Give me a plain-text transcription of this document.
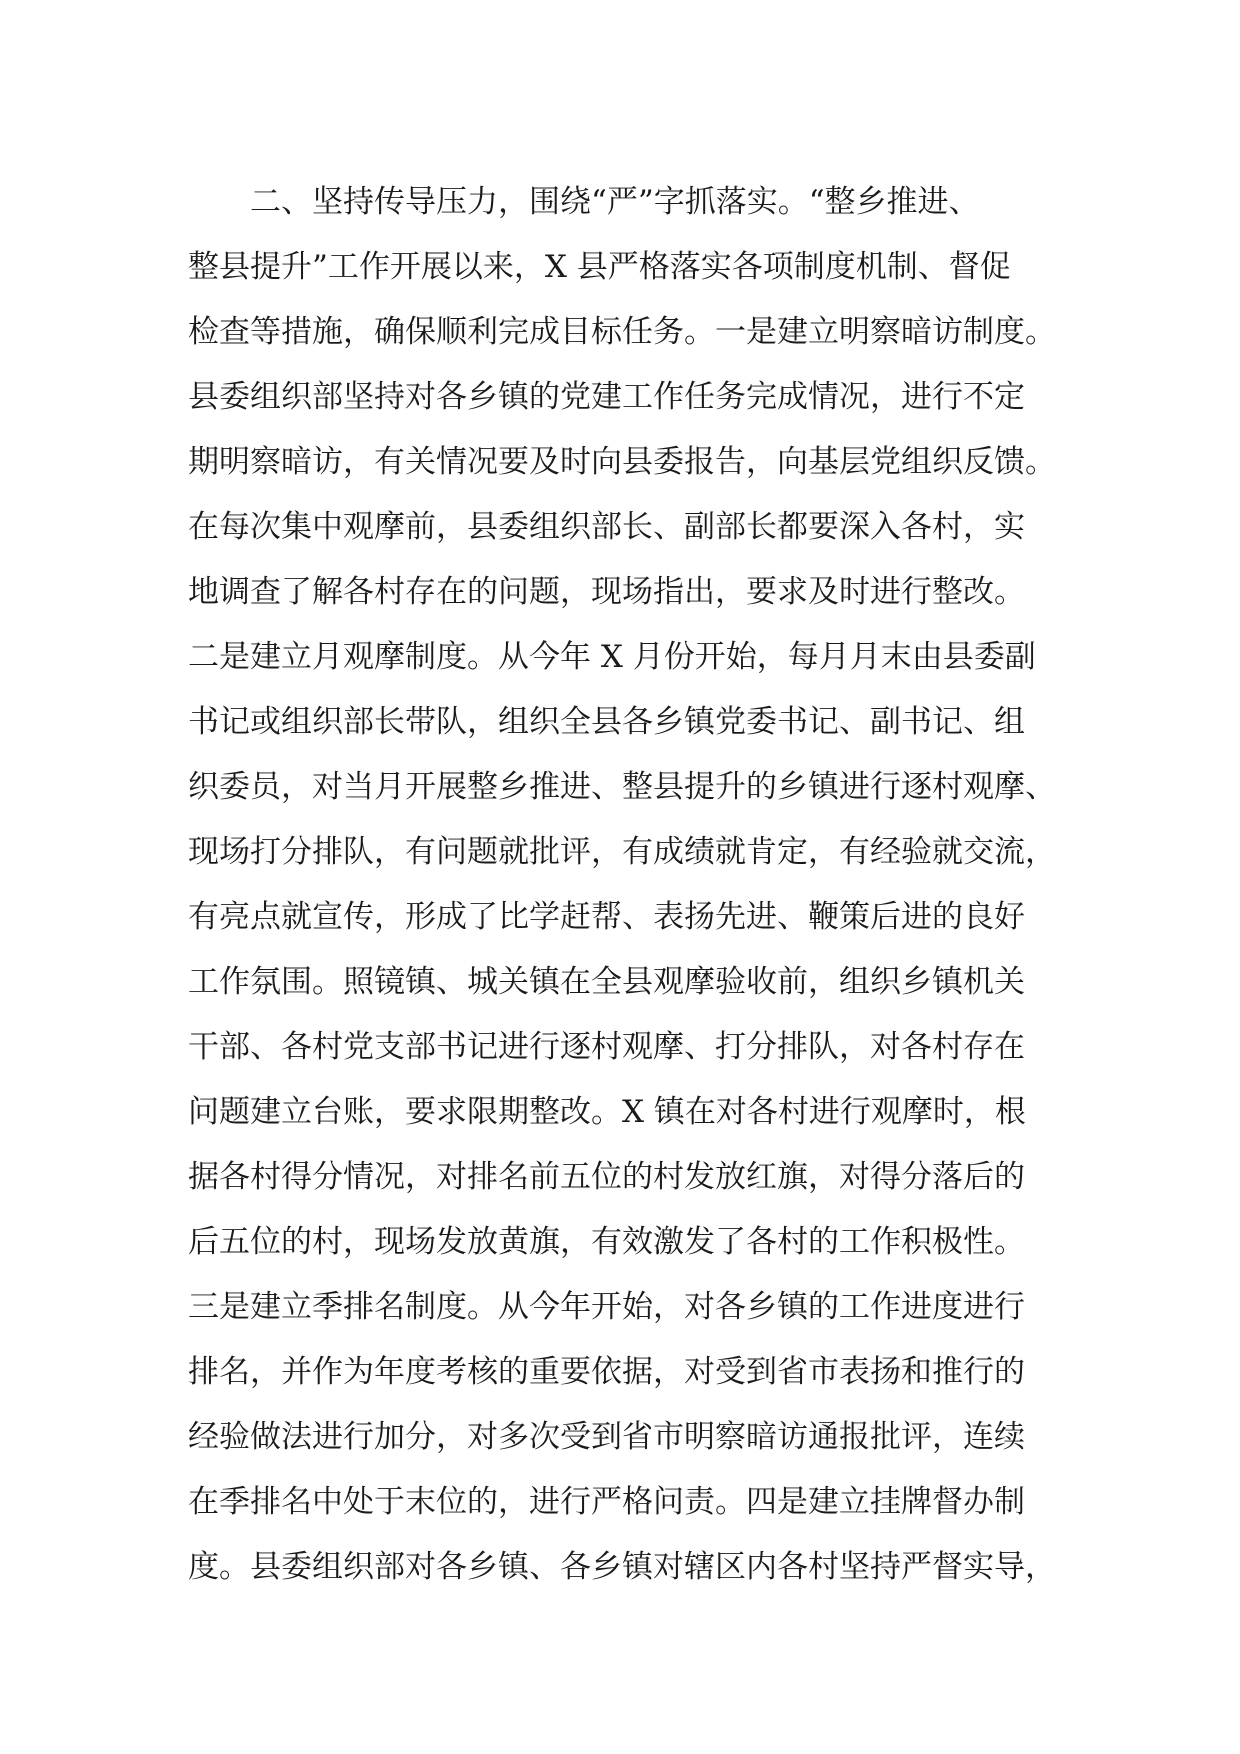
二、坚持传导压力，围绕“严”字抓落实。“整乡推进、
整县提升”工作开展以来，X 县严格落实各项制度机制、督促
检查等措施，确保顺利完成目标任务。一是建立明察暗访制度。
县委组织部坚持对各乡镇的党建工作任务完成情况，进行不定
期明察暗访，有关情况要及时向县委报告，向基层党组织反馈。
在每次集中观摩前，县委组织部长、副部长都要深入各村，实
地调查了解各村存在的问题，现场指出，要求及时进行整改。
二是建立月观摩制度。从今年 X 月份开始，每月月末由县委副
书记或组织部长带队，组织全县各乡镇党委书记、副书记、组
织委员，对当月开展整乡推进、整县提升的乡镇进行逐村观摩、
现场打分排队，有问题就批评，有成绩就肯定，有经验就交流，
有亮点就宣传，形成了比学赶帮、表扬先进、鞭策后进的良好
工作氛围。照镜镇、城关镇在全县观摩验收前，组织乡镇机关
干部、各村党支部书记进行逐村观摩、打分排队，对各村存在
问题建立台账，要求限期整改。X 镇在对各村进行观摩时，根
据各村得分情况，对排名前五位的村发放红旗，对得分落后的
后五位的村，现场发放黄旗，有效激发了各村的工作积极性。
三是建立季排名制度。从今年开始，对各乡镇的工作进度进行
排名，并作为年度考核的重要依据，对受到省市表扬和推行的
经验做法进行加分，对多次受到省市明察暗访通报批评，连续
在季排名中处于末位的，进行严格问责。四是建立挂牌督办制
度。县委组织部对各乡镇、各乡镇对辖区内各村坚持严督实导，
